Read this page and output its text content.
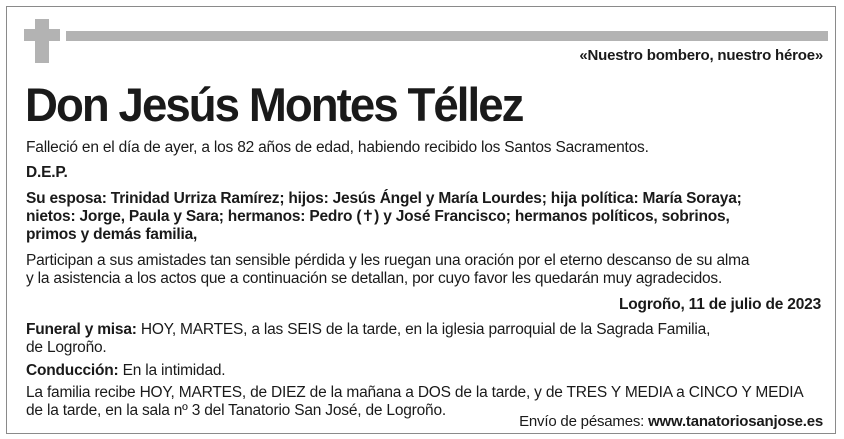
«Nuestro bombero, nuestro héroe»
Don Jesús Montes Téllez
Falleció en el día de ayer, a los 82 años de edad, habiendo recibido los Santos Sacramentos.
D.E.P.
Su esposa: Trinidad Urriza Ramírez; hijos: Jesús Ángel y María Lourdes; hija política: María Soraya;
nietos: Jorge, Paula y Sara; hermanos: Pedro (✝) y José Francisco; hermanos políticos, sobrinos,
primos y demás familia,
Participan a sus amistades tan sensible pérdida y les ruegan una oración por el eterno descanso de su alma
y la asistencia a los actos que a continuación se detallan, por cuyo favor les quedarán muy agradecidos.
Logroño, 11 de julio de 2023
Funeral y misa: HOY, MARTES, a las SEIS de la tarde, en la iglesia parroquial de la Sagrada Familia,
de Logroño.
Conducción: En la intimidad.
La familia recibe HOY, MARTES, de DIEZ de la mañana a DOS de la tarde, y de TRES Y MEDIA a CINCO Y MEDIA
de la tarde, en la sala nº 3 del Tanatorio San José, de Logroño.
Envío de pésames: www.tanatoriosanjose.es
